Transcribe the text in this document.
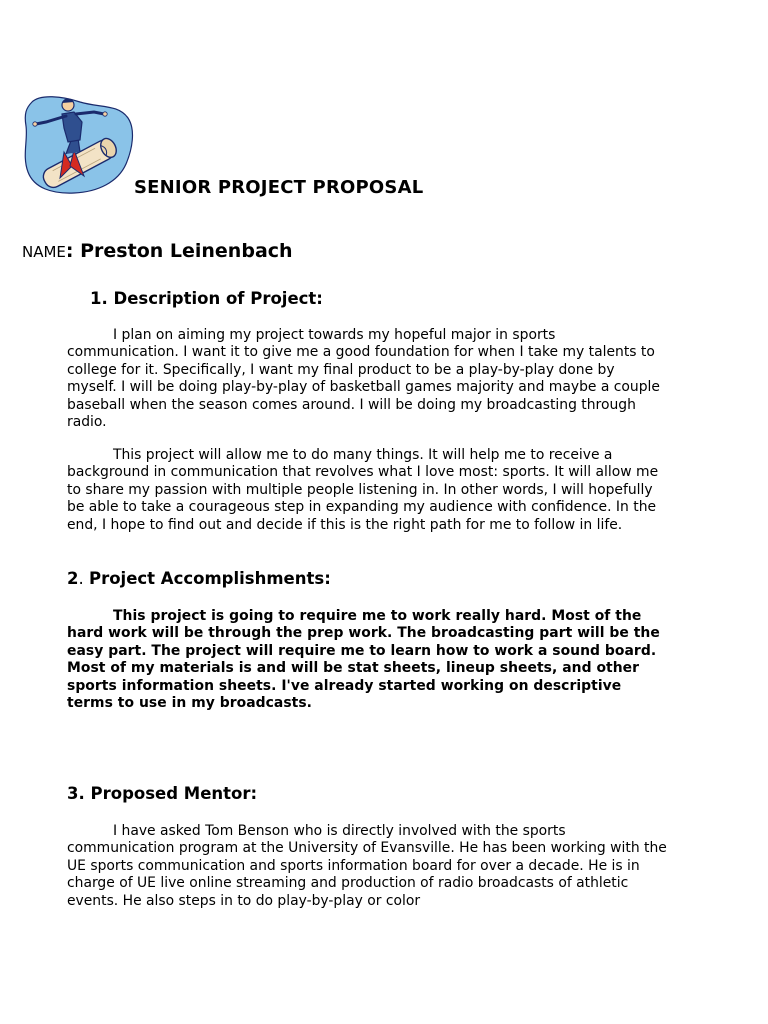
SENIOR PROJECT PROPOSAL
NAME: Preston Leinenbach
1. Description of Project:

I plan on aiming my project towards my hopeful major in sports communication. I want it to give me a good foundation for when I take my talents to college for it. Specifically, I want my final product to be a play-by-play done by myself. I will be doing play-by-play of basketball games majority and maybe a couple baseball when the season comes around. I will be doing my broadcasting through radio.

This project will allow me to do many things. It will help me to receive a background in communication that revolves what I love most: sports. It will allow me to share my passion with multiple people listening in. In other words, I will hopefully be able to take a courageous step in expanding my audience with confidence. In the end, I hope to find out and decide if this is the right path for me to follow in life.

2. Project Accomplishments:

This project is going to require me to work really hard. Most of the hard work will be through the prep work. The broadcasting part will be the easy part. The project will require me to learn how to work a sound board. Most of my materials is and will be stat sheets, lineup sheets, and other sports information sheets. I've already started working on descriptive terms to use in my broadcasts.

3. Proposed Mentor:

I have asked Tom Benson who is directly involved with the sports communication program at the University of Evansville. He has been working with the UE sports communication and sports information board for over a decade. He is in charge of UE live online streaming and production of radio broadcasts of athletic events. He also steps in to do play-by-play or color
